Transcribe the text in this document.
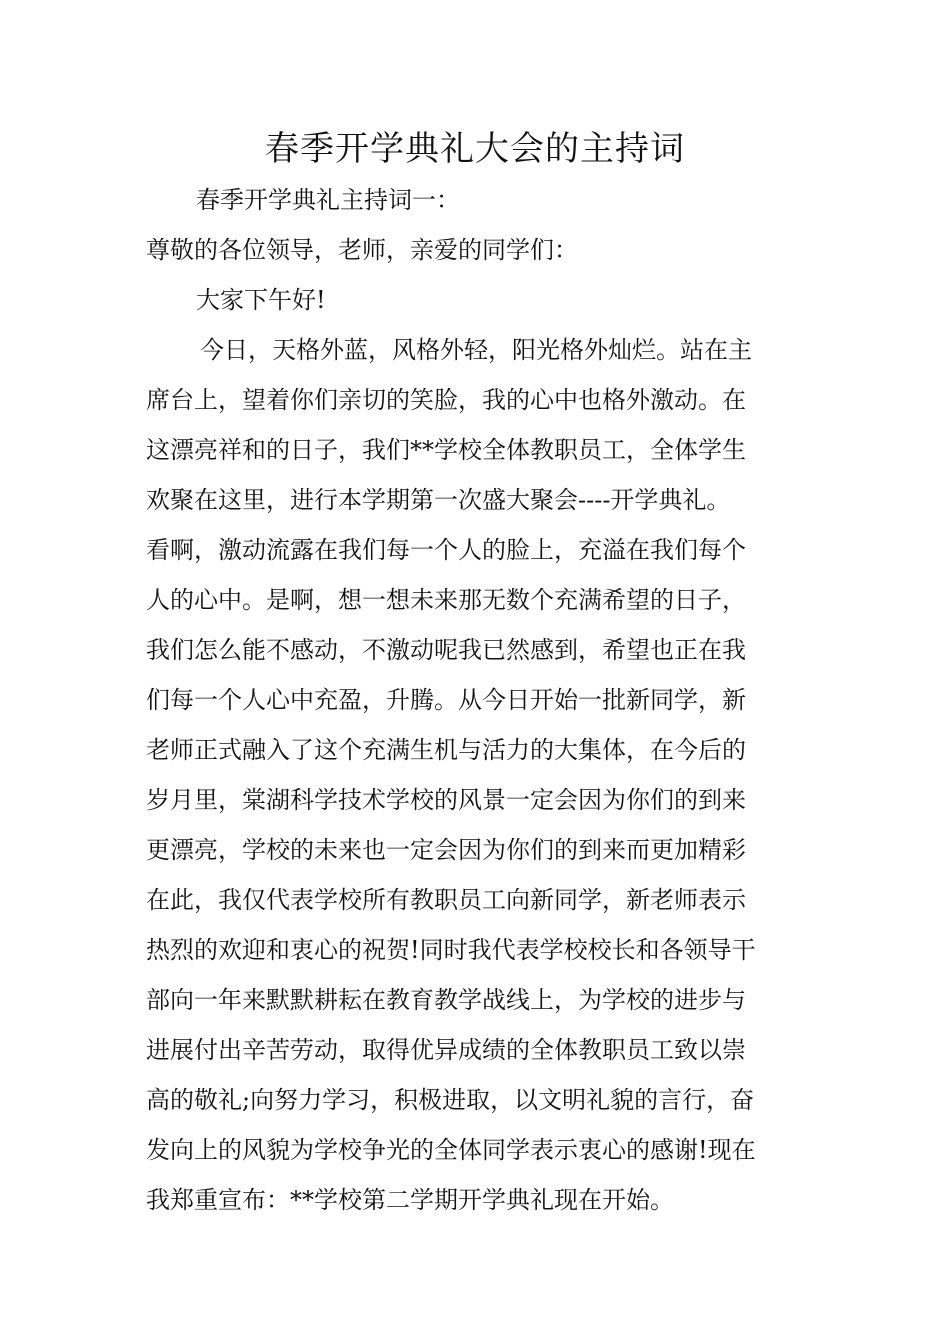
春季开学典礼大会的主持词

春季开学典礼主持词一：

尊敬的各位领导，老师，亲爱的同学们：

大家下午好!

今日，天格外蓝，风格外轻，阳光格外灿烂。站在主
席台上，望着你们亲切的笑脸，我的心中也格外激动。在
这漂亮祥和的日子，我们**学校全体教职员工，全体学生
欢聚在这里，进行本学期第一次盛大聚会----开学典礼。
看啊，激动流露在我们每一个人的脸上，充溢在我们每个
人的心中。是啊，想一想未来那无数个充满希望的日子，
我们怎么能不感动，不激动呢我已然感到，希望也正在我
们每一个人心中充盈，升腾。从今日开始一批新同学，新
老师正式融入了这个充满生机与活力的大集体，在今后的
岁月里，棠湖科学技术学校的风景一定会因为你们的到来
更漂亮，学校的未来也一定会因为你们的到来而更加精彩
在此，我仅代表学校所有教职员工向新同学，新老师表示
热烈的欢迎和衷心的祝贺!同时我代表学校校长和各领导干
部向一年来默默耕耘在教育教学战线上，为学校的进步与
进展付出辛苦劳动，取得优异成绩的全体教职员工致以崇
高的敬礼;向努力学习，积极进取，以文明礼貌的言行，奋
发向上的风貌为学校争光的全体同学表示衷心的感谢!现在
我郑重宣布：**学校第二学期开学典礼现在开始。
